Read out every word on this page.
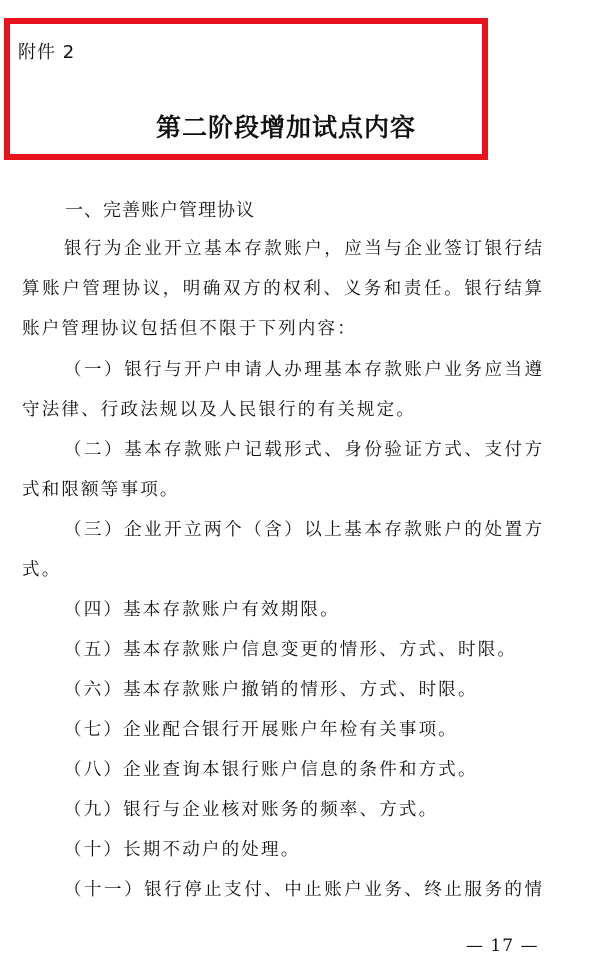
附件 2
第二阶段增加试点内容
一、完善账户管理协议
银行为企业开立基本存款账户，应当与企业签订银行结
算账户管理协议，明确双方的权利、义务和责任。银行结算
账户管理协议包括但不限于下列内容：
（一）银行与开户申请人办理基本存款账户业务应当遵
守法律、行政法规以及人民银行的有关规定。
（二）基本存款账户记载形式、身份验证方式、支付方
式和限额等事项。
（三）企业开立两个（含）以上基本存款账户的处置方
式。
（四）基本存款账户有效期限。
（五）基本存款账户信息变更的情形、方式、时限。
（六）基本存款账户撤销的情形、方式、时限。
（七）企业配合银行开展账户年检有关事项。
（八）企业查询本银行账户信息的条件和方式。
（九）银行与企业核对账务的频率、方式。
（十）长期不动户的处理。
（十一）银行停止支付、中止账户业务、终止服务的情
— 17 —
